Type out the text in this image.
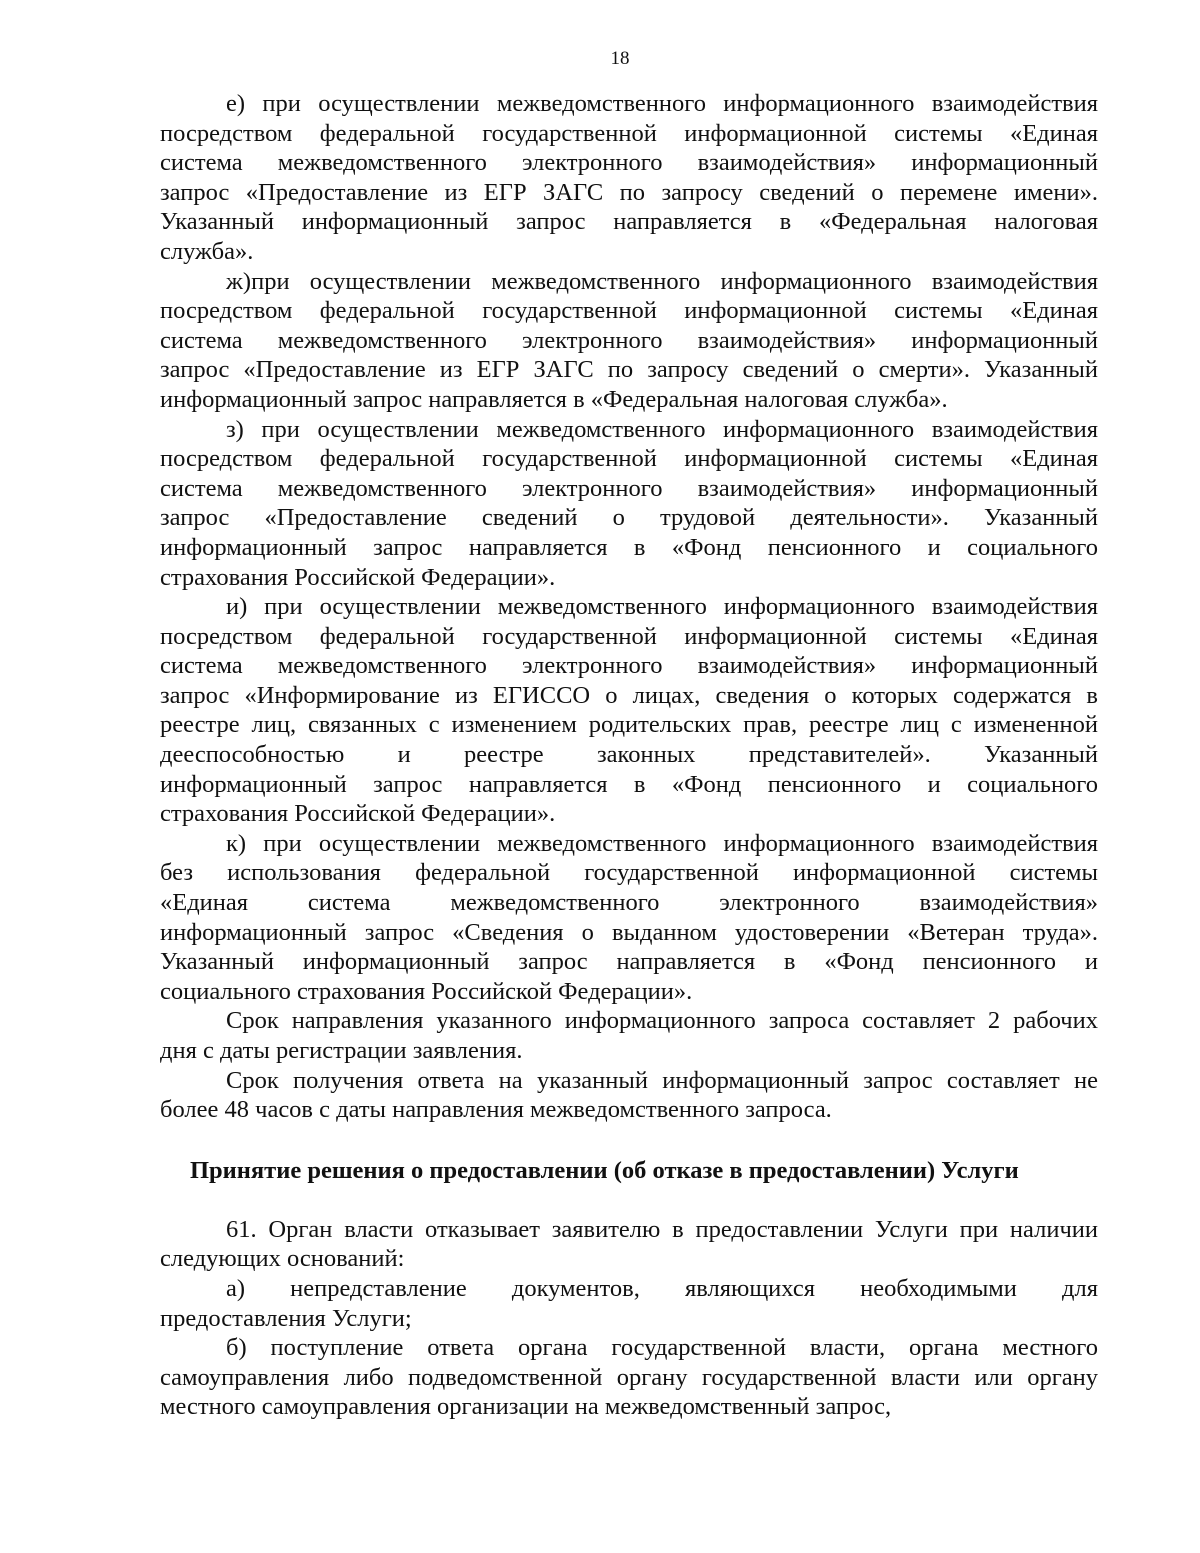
18
е) при осуществлении межведомственного информационного взаимодействия
посредством федеральной государственной информационной системы «Единая
система межведомственного электронного взаимодействия» информационный
запрос «Предоставление из ЕГР ЗАГС по запросу сведений о перемене имени».
Указанный информационный запрос направляется в «Федеральная налоговая
служба».
ж)при осуществлении межведомственного информационного взаимодействия
посредством федеральной государственной информационной системы «Единая
система межведомственного электронного взаимодействия» информационный
запрос «Предоставление из ЕГР ЗАГС по запросу сведений о смерти». Указанный
информационный запрос направляется в «Федеральная налоговая служба».
з) при осуществлении межведомственного информационного взаимодействия
посредством федеральной государственной информационной системы «Единая
система межведомственного электронного взаимодействия» информационный
запрос «Предоставление сведений о трудовой деятельности». Указанный
информационный запрос направляется в «Фонд пенсионного и социального
страхования Российской Федерации».
и) при осуществлении межведомственного информационного взаимодействия
посредством федеральной государственной информационной системы «Единая
система межведомственного электронного взаимодействия» информационный
запрос «Информирование из ЕГИССО о лицах, сведения о которых содержатся в
реестре лиц, связанных с изменением родительских прав, реестре лиц с измененной
дееспособностью и реестре законных представителей». Указанный
информационный запрос направляется в «Фонд пенсионного и социального
страхования Российской Федерации».
к) при осуществлении межведомственного информационного взаимодействия
без использования федеральной государственной информационной системы
«Единая система межведомственного электронного взаимодействия»
информационный запрос «Сведения о выданном удостоверении «Ветеран труда».
Указанный информационный запрос направляется в «Фонд пенсионного и
социального страхования Российской Федерации».
Срок направления указанного информационного запроса составляет 2 рабочих
дня с даты регистрации заявления.
Срок получения ответа на указанный информационный запрос составляет не
более 48 часов с даты направления межведомственного запроса.
Принятие решения о предоставлении (об отказе в предоставлении) Услуги
61. Орган власти отказывает заявителю в предоставлении Услуги при наличии
следующих оснований:
а) непредставление документов, являющихся необходимыми для
предоставления Услуги;
б) поступление ответа органа государственной власти, органа местного
самоуправления либо подведомственной органу государственной власти или органу
местного самоуправления организации на межведомственный запрос,
